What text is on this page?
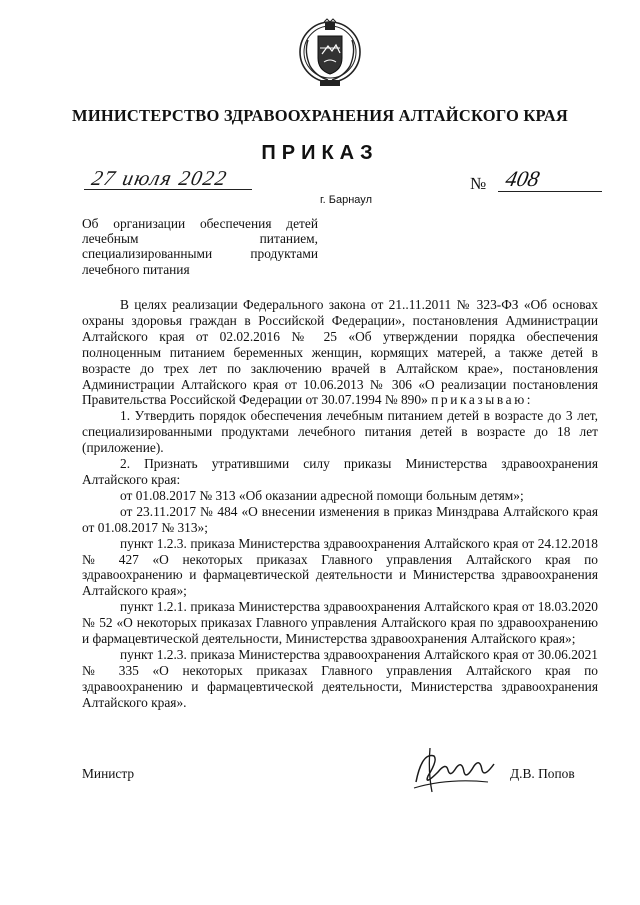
МИНИСТЕРСТВО ЗДРАВООХРАНЕНИЯ АЛТАЙСКОГО КРАЯ
ПРИКАЗ
27 июля 2022
г. Барнаул
№ 408
Об организации обеспечения детей лечебным питанием, специализированными продуктами лечебного питания

В целях реализации Федерального закона от 21..11.2011 № 323-ФЗ «Об основах охраны здоровья граждан в Российской Федерации», постановления Администрации Алтайского края от 02.02.2016 № 25 «Об утверждении порядка обеспечения полноценным питанием беременных женщин, кормящих матерей, а также детей в возрасте до трех лет по заключению врачей в Алтайском крае», постановления Администрации Алтайского края от 10.06.2013 № 306 «О реализации постановления Правительства Российской Федерации от 30.07.1994 № 890» приказываю:

1. Утвердить порядок обеспечения лечебным питанием детей в возрасте до 3 лет, специализированными продуктами лечебного питания детей в возрасте до 18 лет (приложение).

2. Признать утратившими силу приказы Министерства здравоохранения Алтайского края:

от 01.08.2017 № 313 «Об оказании адресной помощи больным детям»;

от 23.11.2017 № 484 «О внесении изменения в приказ Минздрава Алтайского края от 01.08.2017 № 313»;

пункт 1.2.3. приказа Министерства здравоохранения Алтайского края от 24.12.2018 № 427 «О некоторых приказах Главного управления Алтайского края по здравоохранению и фармацевтической деятельности и Министерства здравоохранения Алтайского края»;

пункт 1.2.1. приказа Министерства здравоохранения Алтайского края от 18.03.2020 № 52 «О некоторых приказах Главного управления Алтайского края по здравоохранению и фармацевтической деятельности, Министерства здравоохранения Алтайского края»;

пункт 1.2.3. приказа Министерства здравоохранения Алтайского края от 30.06.2021 № 335 «О некоторых приказах Главного управления Алтайского края по здравоохранению и фармацевтической деятельности, Министерства здравоохранения Алтайского края».

Министр	Д.В. Попов
